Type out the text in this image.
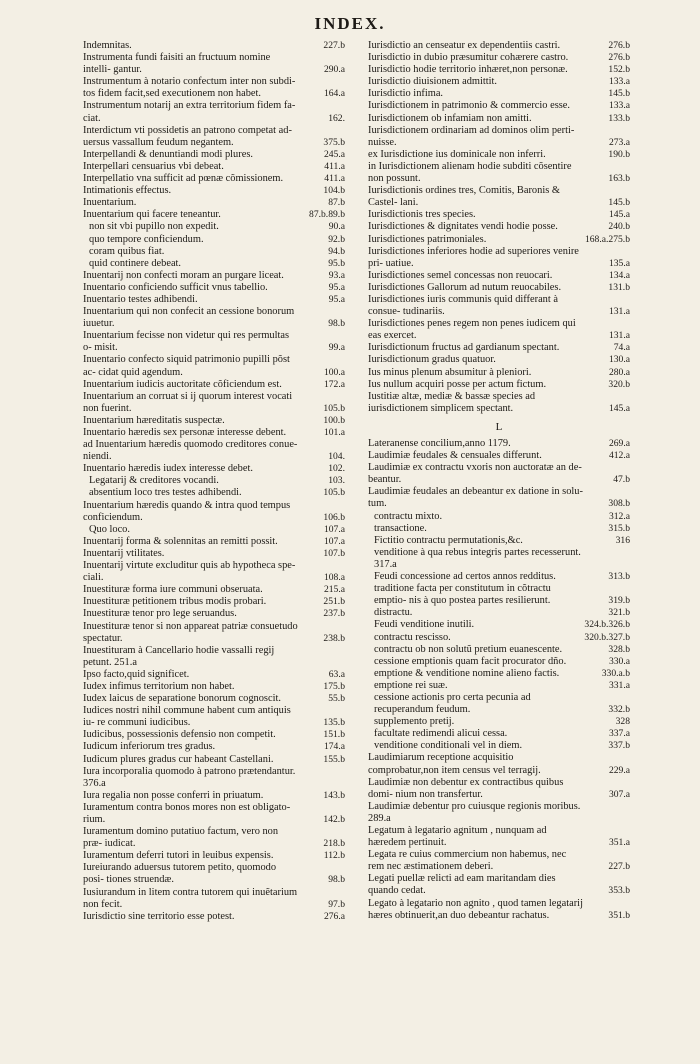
INDEX.
Indemnitas.	227.b
Instrumenta fundi faisiti an fructuum nomine intelli- gantur.	290.a
Instrumentum à notario confectum inter non subdi- tos fidem facit,sed executionem non habet.	164.a
Instrumentum notarij an extra territorium fidem fa- ciat.	162.
Interdictum vti possidetis an patrono competat ad- uersus vassallum feudum negantem.	375.b
Interpellandi & denuntiandi modi plures.	245.a
Interpellari censuarius vbi debeat.	411.a
Interpellatio vna sufficit ad pœnæ cõmissionem.	411.a
Intimationis effectus.	104.b
Inuentarium.	87.b
Inuentarium qui facere teneantur.	87.b.89.b
non sit vbi pupillo non expedit.	90.a
quo tempore conficiendum.	92.b
coram quibus fiat.	94.b
quid continere debeat.	95.b
Inuentarij non confecti moram an purgare liceat.	93.a
Inuentario conficiendo sufficit vnus tabellio.	95.a
Inuentario testes adhibendi.	95.a
Inuentarium qui non confecit an cessione bonorum iuuetur.	98.b
Inuentarium fecisse non videtur qui res permultas o- misit.	99.a
Inuentario confecto siquid patrimonio pupilli põst ac- cidat quid agendum.	100.a
Inuentarium iudicis auctoritate cõficiendum est.	172.a
Inuentarium an corruat si ij quorum interest vocati non fuerint.	105.b
Inuentarium hæreditatis suspectæ.	100.b
Inuentario hæredis sex personæ interesse debent.	101.a
ad Inuentarium hæredis quomodo creditores conue- niendi.	104.
Inuentario hæredis iudex interesse debet.	102.
Legatarij & creditores vocandi.	103.
absentium loco tres testes adhibendi.	105.b
Inuentarium hæredis quando & intra quod tempus conficiendum.	106.b
Quo loco.	107.a
Inuentarij forma & solennitas an remitti possit.	107.a
Inuentarij vtilitates.	107.b
Inuentarij virtute excluditur quis ab hypotheca spe- ciali.	108.a
Inuestituræ forma iure communi obseruata.	215.a
Inuestituræ petitionem tribus modis probari.	251.b
Inuestituræ tenor pro lege seruandus.	237.b
Inuestituræ tenor si non appareat patriæ consuetudo spectatur.	238.b
Inuestituram à Cancellario hodie vassalli regij petunt. 251.a
Ipso facto,quid significet.	63.a
Iudex infimus territorium non habet.	175.b
Iudex laicus de separatione bonorum cognoscit.	55.b
Iudices nostri nihil commune habent cum antiquis iu- re communi iudicibus.	135.b
Iudicibus, possessionis defensio non competit.	151.b
Iudicum inferiorum tres gradus.	174.a
Iudicum plures gradus cur habeant Castellani.	155.b
Iura incorporalia quomodo à patrono prætendantur. 376.a
Iura regalia non posse conferri in priuatum.	143.b
Iuramentum contra bonos mores non est obligato- rium.	142.b
Iuramentum domino putatiuo factum, vero non præ- iudicat.	218.b
Iuramentum deferri tutori in leuibus expensis.	112.b
Iureiurando aduersus tutorem petito, quomodo posi- tiones struendæ.	98.b
Iusiurandum in litem contra tutorem qui inuẽtarium non fecit.	97.b
Iurisdictio sine territorio esse potest.	276.a
Iurisdictio an censeatur ex dependentiis castri.	276.b
Iurisdictio in dubio præsumitur cohærere castro.	276.b
Iurisdictio hodie territorio inhæret,non personæ.	152.b
Iurisdictio diuisionem admittit.	133.a
Iurisdictio infima.	145.b
Iurisdictionem in patrimonio & commercio esse.	133.a
Iurisdictionem ob infamiam non amitti.	133.b
Iurisdictionem ordinariam ad dominos olim perti- nuisse.	273.a
ex Iurisdictione ius dominicale non inferri.	190.b
in Iurisdictionem alienam hodie subditi cõsentire non possunt.	163.b
Iurisdictionis ordines tres, Comitis, Baronis & Castel- lani.	145.b
Iurisdictionis tres species.	145.a
Iurisdictiones & dignitates vendi hodie posse.	240.b
Iurisdictiones patrimoniales.	168.a.275.b
Iurisdictiones inferiores hodie ad superiores venire pri- uatiue.	135.a
Iurisdictiones semel concessas non reuocari.	134.a
Iurisdictiones Gallorum ad nutum reuocabiles.	131.b
Iurisdictiones iuris communis quid differant à consue- tudinariis.	131.a
Iurisdictiones penes regem non penes iudicem qui eas exercet.	131.a
Iurisdictionum fructus ad gardianum spectant.	74.a
Iurisdictionum gradus quatuor.	130.a
Ius minus plenum absumitur à pleniori.	280.a
Ius nullum acquiri posse per actum fictum.	320.b
Iustitiæ altæ, mediæ & bassæ species ad iurisdictionem simplicem spectant.	145.a
L
Lateranense concilium,anno 1179.	269.a
Laudimiæ feudales & censuales differunt.	412.a
Laudimiæ ex contractu vxoris non auctoratæ an de- beantur.	47.b
Laudimiæ feudales an debeantur ex datione in solu- tum.	308.b
contractu mixto.	312.a
transactione.	315.b
Fictitio contractu permutationis,&c.	316
venditione à qua rebus integris partes recesserunt. 317.a
Feudi concessione ad certos annos redditus.	313.b
traditione facta per constitutum in cõtractu emptio- nis à quo postea partes resilierunt.	319.b
distractu.	321.b
Feudi venditione inutili.	324.b.326.b
contractu rescisso.	320.b.327.b
contractu ob non solutũ pretium euanescente.	328.b
cessione emptionis quam facit procurator dño.	330.a
emptione & venditione nomine alieno factis.	330.a.b
emptione rei suæ.	331.a
cessione actionis pro certa pecunia ad recuperandum feudum.	332.b
supplemento pretij.	328
facultate redimendi alicui cessa.	337.a
venditione conditionali vel in diem.	337.b
Laudimiarum receptione acquisitio comprobatur,non item census vel terragij.	229.a
Laudimiæ non debentur ex contractibus quibus domi- nium non transfertur.	307.a
Laudimiæ debentur pro cuiusque regionis moribus. 289.a
Legatum à legatario agnitum , nunquam ad hæredem pertinuit.	351.a
Legata re cuius commercium non habemus, nec rem nec æstimationem deberi.	227.b
Legati puellæ relicti ad eam maritandam dies quando cedat.	353.b
Legato à legatario non agnito , quod tamen legatarij hæres obtinuerit,an duo debeantur rachatus.	351.b
